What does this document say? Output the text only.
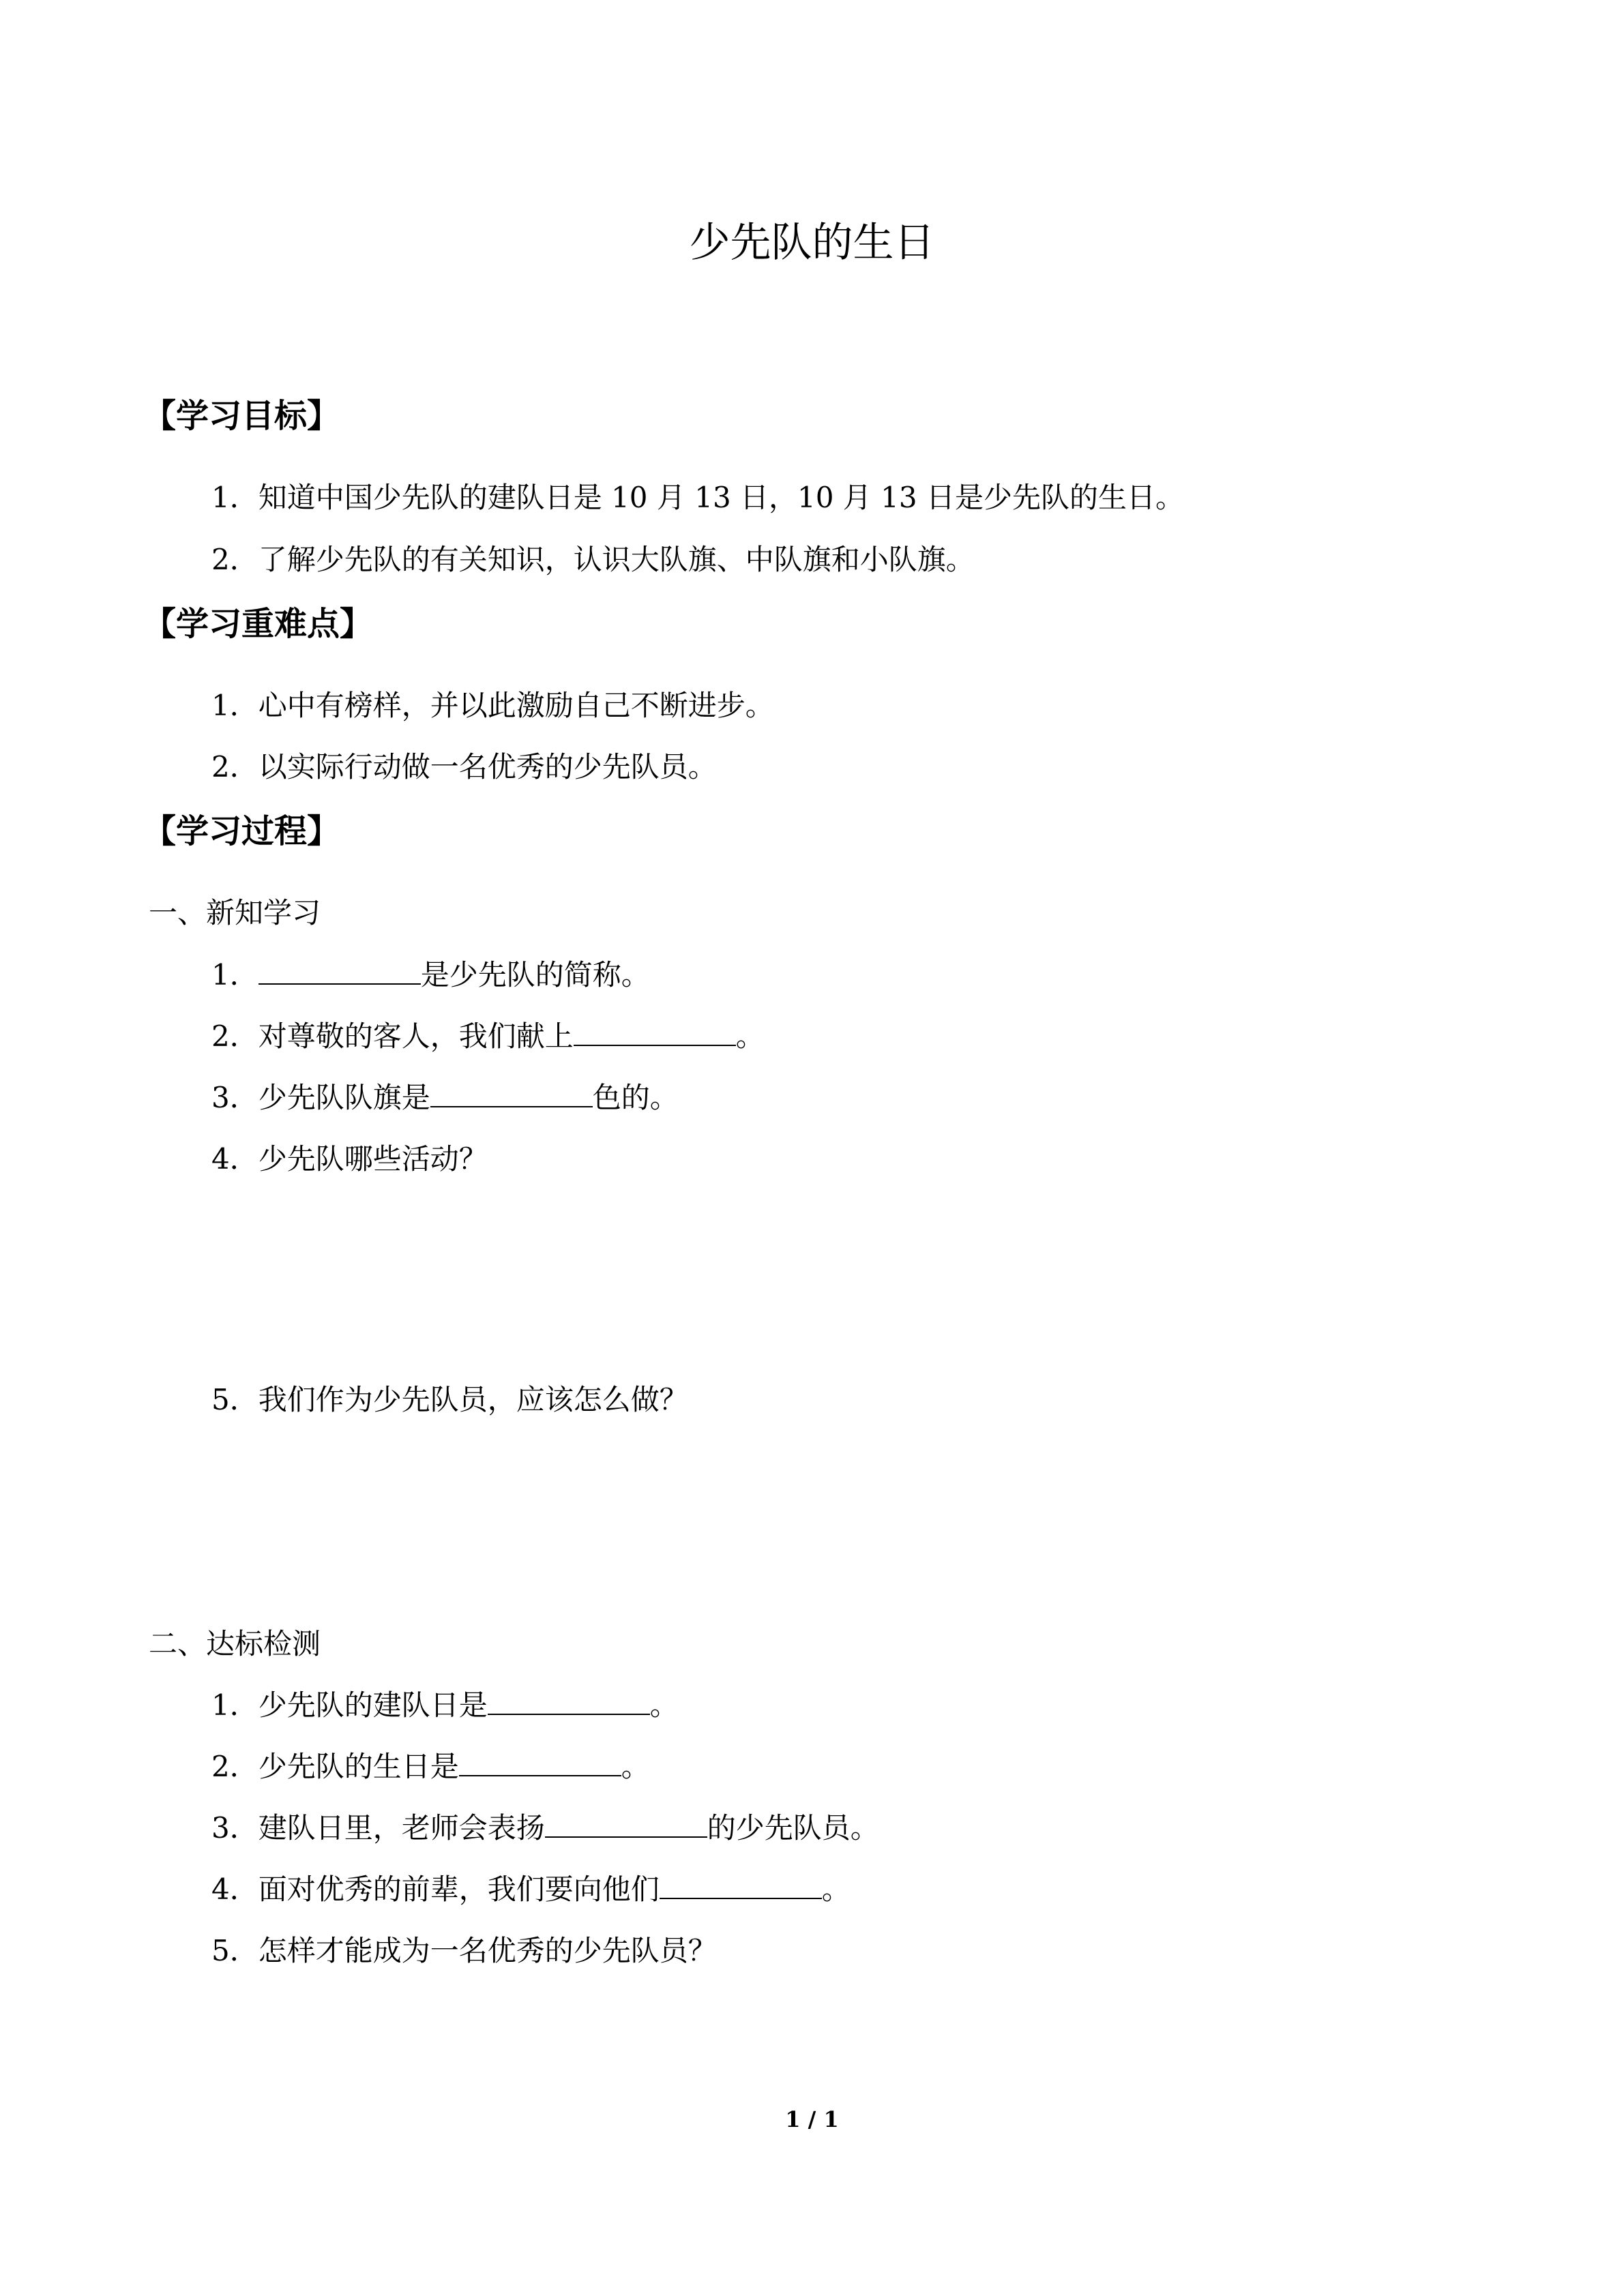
少先队的生日
【学习目标】
1．知道中国少先队的建队日是 10 月 13 日，10 月 13 日是少先队的生日。
2．了解少先队的有关知识，认识大队旗、中队旗和小队旗。
【学习重难点】
1．心中有榜样，并以此激励自己不断进步。
2．以实际行动做一名优秀的少先队员。
【学习过程】
一、新知学习
1．	是少先队的简称。
2．对尊敬的客人，我们献上	。
3．少先队队旗是	色的。
4．少先队哪些活动？
5．我们作为少先队员，应该怎么做？
二、达标检测
1．少先队的建队日是	。
2．少先队的生日是	。
3．建队日里，老师会表扬	的少先队员。
4．面对优秀的前辈，我们要向他们	。
5．怎样才能成为一名优秀的少先队员？
1 / 1
